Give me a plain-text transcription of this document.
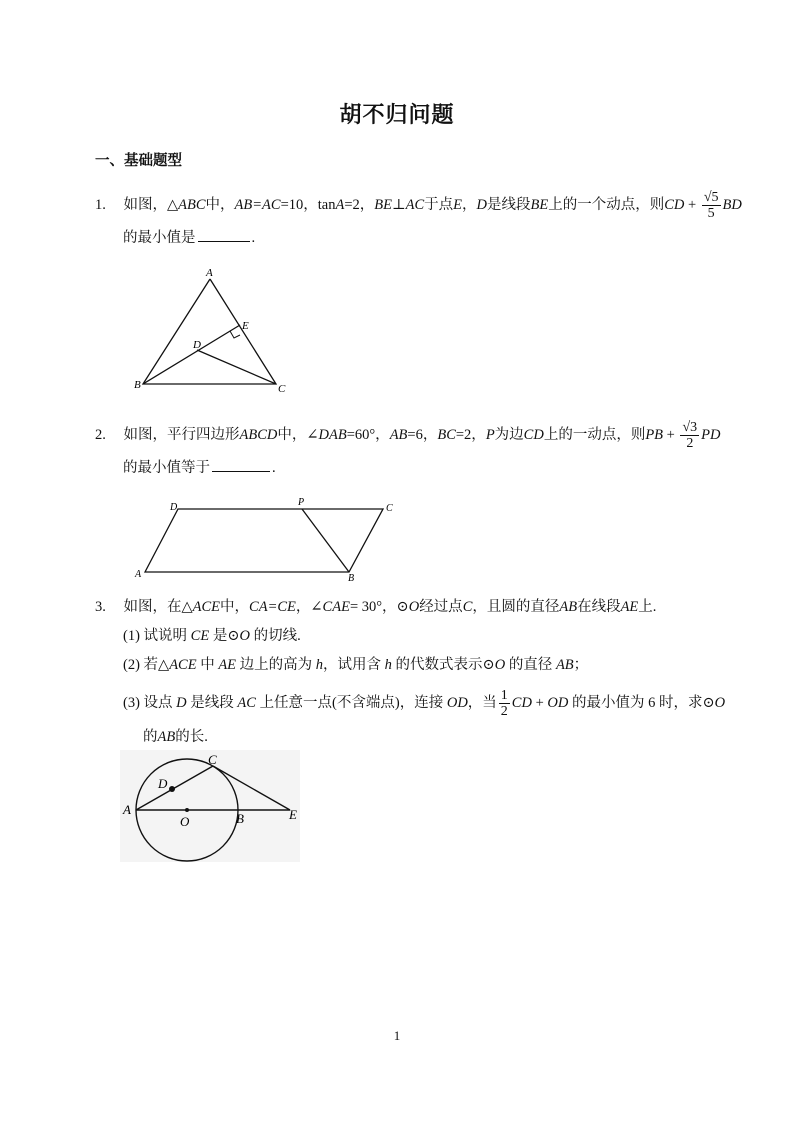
胡不归问题
一、基础题型
1. 如图，△ABC中，AB=AC=10，tanA=2，BE⊥AC于点E，D是线段BE上的一个动点，则CD + $\frac{√5}{5}$ BD
的最小值是	.
A
B	C
D
E
2. 如图，平行四边形ABCD中，∠DAB=60°，AB=6，BC=2，P为边CD上的一动点，则PB + $\frac{√3}{2}$ PD
的最小值等于	.
A	B
C
D	P
3. 如图，在△ACE中，CA=CE，∠CAE= 30°，⊙O经过点C，且圆的直径AB在线段AE上.
(1) 试说明 CE 是⊙O 的切线.
(2) 若△ACE 中 AE 边上的高为 h，试用含 h 的代数式表示⊙O 的直径 AB；
(3) 设点 D 是线段 AC 上任意一点(不含端点)，连接 OD，当 $\frac{1}{2}$ CD + OD 的最小值为 6 时，求⊙O
的AB的长.
A
B
C
D
E
O
1
